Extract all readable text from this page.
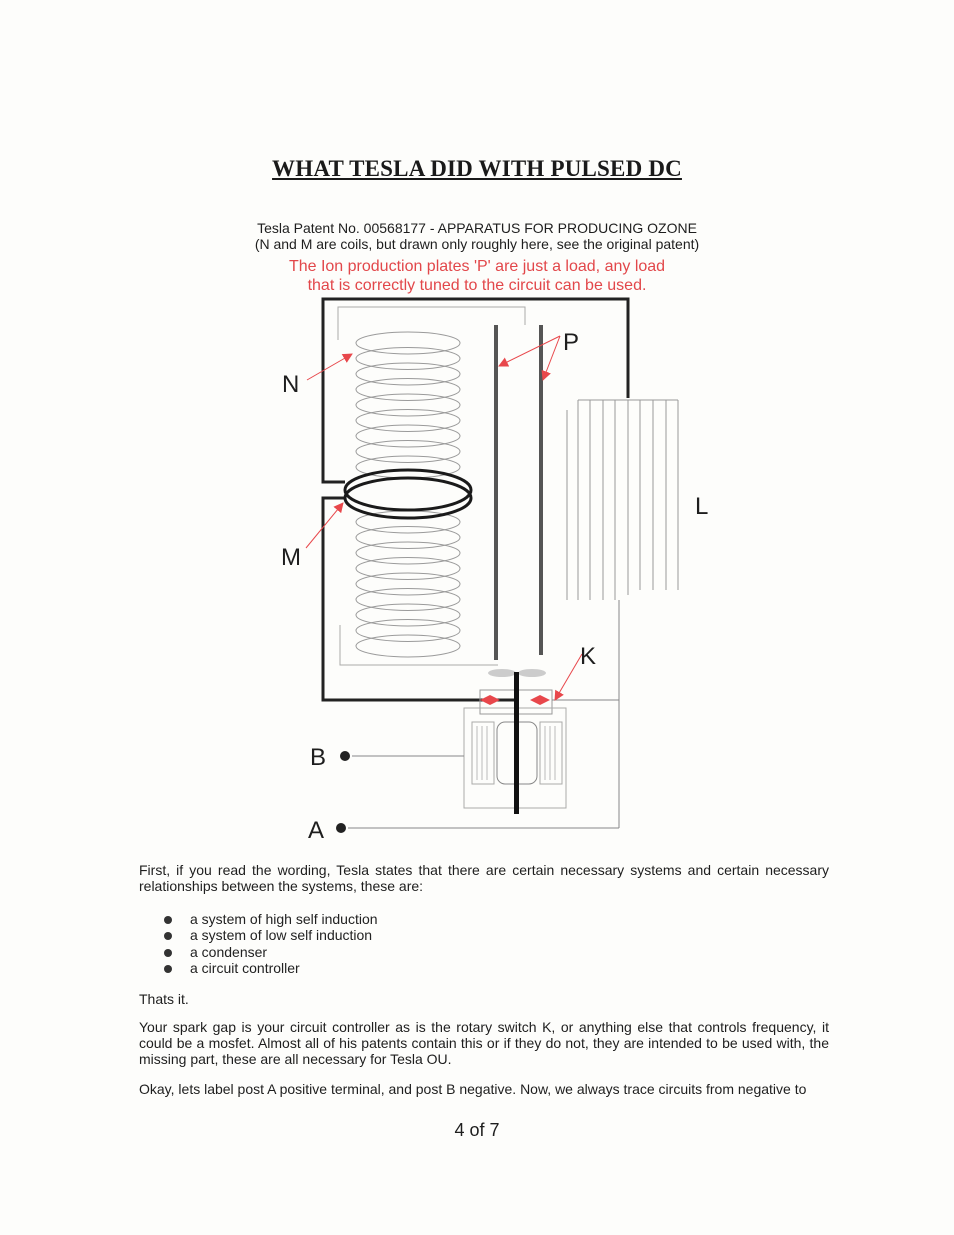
WHAT TESLA DID WITH PULSED DC
Tesla Patent No. 00568177 - APPARATUS FOR PRODUCING OZONE
(N and M are coils, but drawn only roughly here, see the original patent)
The Ion production plates 'P' are just a load, any load
that is correctly tuned to the circuit can be used.
N
M
P
L
K
B
A
First, if you read the wording, Tesla states that there are certain necessary systems and certain necessary relationships between the systems, these are:
a system of high self induction
a system of low self induction
a condenser
a circuit controller
Thats it.
Your spark gap is your circuit controller as is the rotary switch K, or anything else that controls frequency, it could be a mosfet. Almost all of his patents contain this or if they do not, they are intended to be used with, the missing part, these are all necessary for Tesla OU.
Okay, lets label post A positive terminal, and post B negative. Now, we always trace circuits from negative to
4 of 7
